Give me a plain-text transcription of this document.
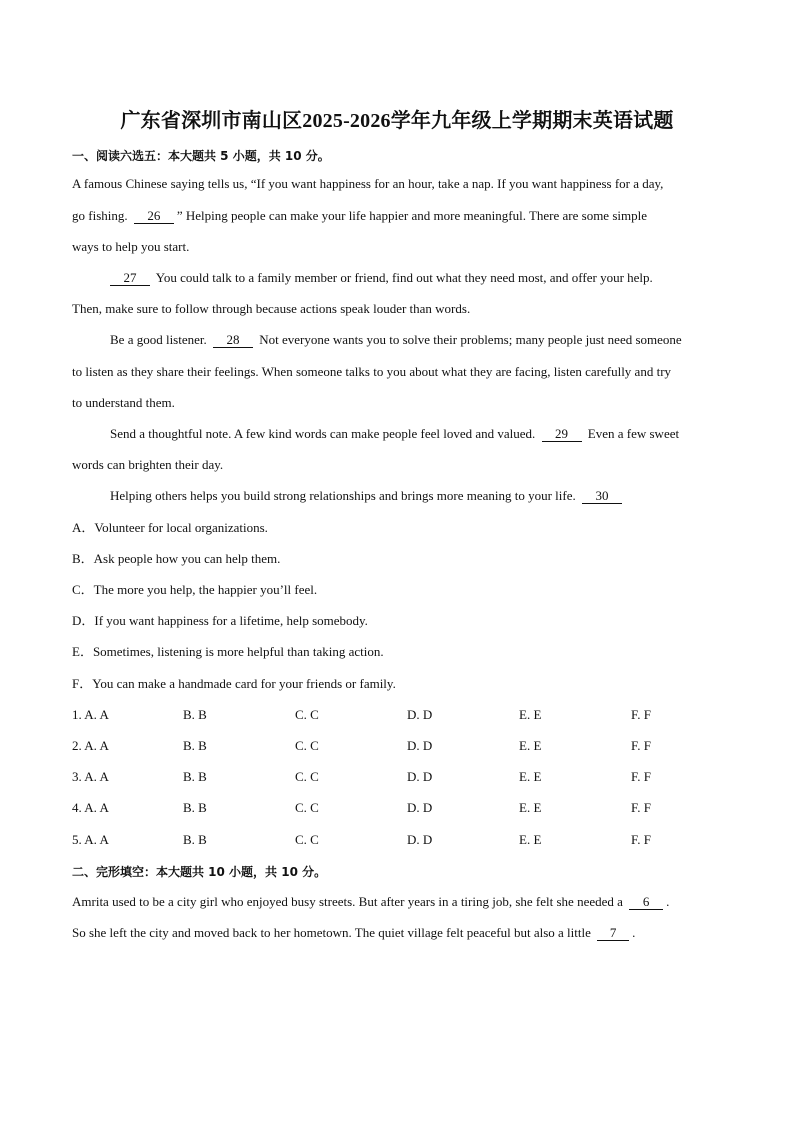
广东省深圳市南山区2025-2026学年九年级上学期期末英语试题
一、阅读六选五：本大题共 5 小题，共 10 分。
A famous Chinese saying tells us, “If you want happiness for an hour, take a nap. If you want happiness for a day,
go fishing. 26 ” Helping people can make your life happier and more meaningful. There are some simple
ways to help you start.
27 You could talk to a family member or friend, find out what they need most, and offer your help.
Then, make sure to follow through because actions speak louder than words.
Be a good listener. 28 Not everyone wants you to solve their problems; many people just need someone
to listen as they share their feelings. When someone talks to you about what they are facing, listen carefully and try
to understand them.
Send a thoughtful note. A few kind words can make people feel loved and valued. 29 Even a few sweet
words can brighten their day.
Helping others helps you build strong relationships and brings more meaning to your life. 30
A．Volunteer for local organizations.
B．Ask people how you can help them.
C．The more you help, the happier you’ll feel.
D．If you want happiness for a lifetime, help somebody.
E．Sometimes, listening is more helpful than taking action.
F．You can make a handmade card for your friends or family.
1. A. A	B. B	C. C	D. D	E. E	F. F
2. A. A	B. B	C. C	D. D	E. E	F. F
3. A. A	B. B	C. C	D. D	E. E	F. F
4. A. A	B. B	C. C	D. D	E. E	F. F
5. A. A	B. B	C. C	D. D	E. E	F. F
二、完形填空：本大题共 10 小题，共 10 分。
Amrita used to be a city girl who enjoyed busy streets. But after years in a tiring job, she felt she needed a 6 .
So she left the city and moved back to her hometown. The quiet village felt peaceful but also a little 7 .
